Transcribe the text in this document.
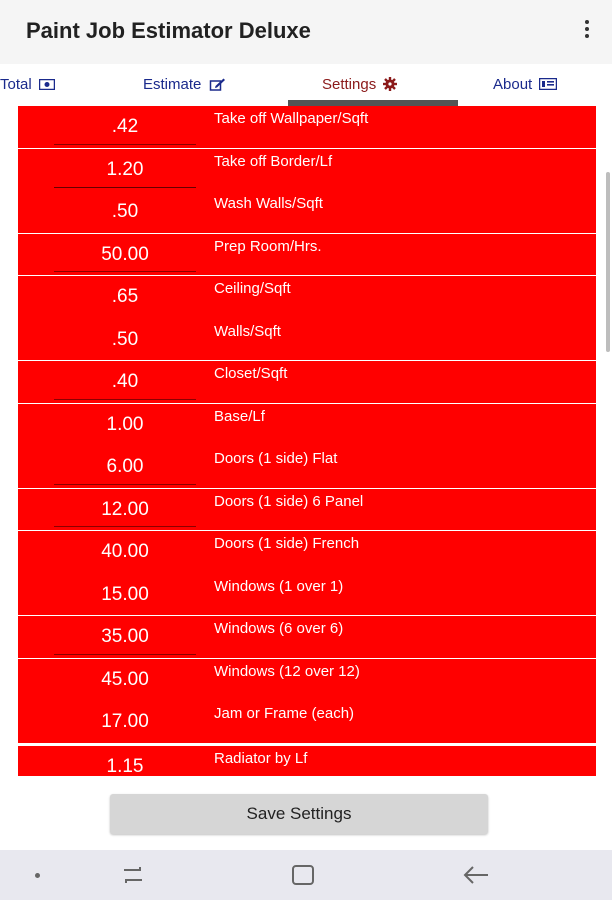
Paint Job Estimator Deluxe
Total	Estimate	Settings	About
.42	Take off Wallpaper/Sqft
1.20	Take off Border/Lf
.50	Wash Walls/Sqft
50.00	Prep Room/Hrs.
.65	Ceiling/Sqft
.50	Walls/Sqft
.40	Closet/Sqft
1.00	Base/Lf
6.00	Doors (1 side) Flat
12.00	Doors (1 side) 6 Panel
40.00	Doors (1 side) French
15.00	Windows (1 over 1)
35.00	Windows (6 over 6)
45.00	Windows (12 over 12)
17.00	Jam or Frame (each)
1.15	Radiator by Lf
Save Settings
